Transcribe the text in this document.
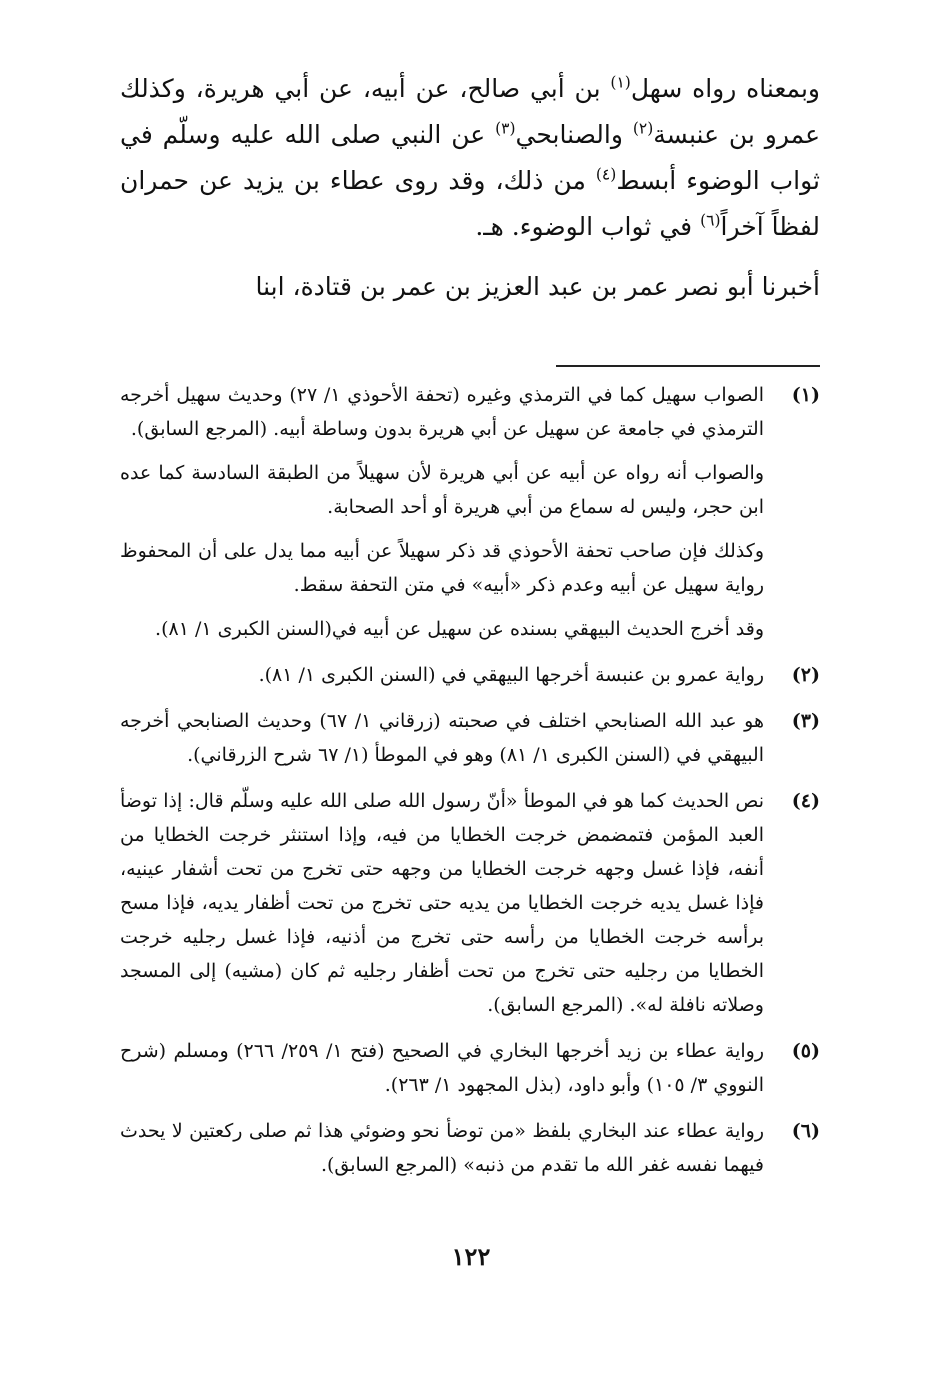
وبمعناه رواه سهل$^{(١)}$ بن أبي صالح، عن أبيه، عن أبي هريرة، وكذلك عمرو بن عنبسة$^{(٢)}$ والصنابحي$^{(٣)}$ عن النبي صلى الله عليه وسلّم في ثواب الوضوء أبسط$^{(٤)}$ من ذلك، وقد روى عطاء بن يزيد عن حمران لفظاً آخراً$^{(٦)}$ في ثواب الوضوء. هـ.

أخبرنا أبو نصر عمر بن عبد العزيز بن عمر بن قتادة، ابنا

(١)

الصواب سهيل كما في الترمذي وغيره (تحفة الأحوذي ١/ ٢٧) وحديث سهيل أخرجه الترمذي في جامعة عن سهيل عن أبي هريرة بدون وساطة أبيه. (المرجع السابق).

والصواب أنه رواه عن أبيه عن أبي هريرة لأن سهيلاً من الطبقة السادسة كما عده ابن حجر، وليس له سماع من أبي هريرة أو أحد الصحابة.

وكذلك فإن صاحب تحفة الأحوذي قد ذكر سهيلاً عن أبيه مما يدل على أن المحفوظ رواية سهيل عن أبيه وعدم ذكر «أبيه» في متن التحفة سقط.

وقد أخرج الحديث البيهقي بسنده عن سهيل عن أبيه في(السنن الكبرى ١/ ٨١).

(٢)

رواية عمرو بن عنبسة أخرجها البيهقي في (السنن الكبرى ١/ ٨١).

(٣)

هو عبد الله الصنابحي اختلف في صحبته (زرقاني ١/ ٦٧) وحديث الصنابحي أخرجه البيهقي في (السنن الكبرى ١/ ٨١) وهو في الموطأ (١/ ٦٧ شرح الزرقاني).

(٤)

نص الحديث كما هو في الموطأ «أنّ رسول الله صلى الله عليه وسلّم قال: إذا توضأ العبد المؤمن فتمضمض خرجت الخطايا من فيه، وإذا استنثر خرجت الخطايا من أنفه، فإذا غسل وجهه خرجت الخطايا من وجهه حتى تخرج من تحت أشفار عينيه، فإذا غسل يديه خرجت الخطايا من يديه حتى تخرج من تحت أظفار يديه، فإذا مسح برأسه خرجت الخطايا من رأسه حتى تخرج من أذنيه، فإذا غسل رجليه خرجت الخطايا من رجليه حتى تخرج من تحت أظفار رجليه ثم كان (مشيه) إلى المسجد وصلاته نافلة له». (المرجع السابق).

(٥)

رواية عطاء بن زيد أخرجها البخاري في الصحيح (فتح ١/ ٢٥٩/ ٢٦٦) ومسلم (شرح النووي ٣/ ١٠٥) وأبو داود، (بذل المجهود ١/ ٢٦٣).

(٦)

رواية عطاء عند البخاري بلفظ «من توضأ نحو وضوئي هذا ثم صلى ركعتين لا يحدث فيهما نفسه غفر الله ما تقدم من ذنبه» (المرجع السابق).

١٢٢
